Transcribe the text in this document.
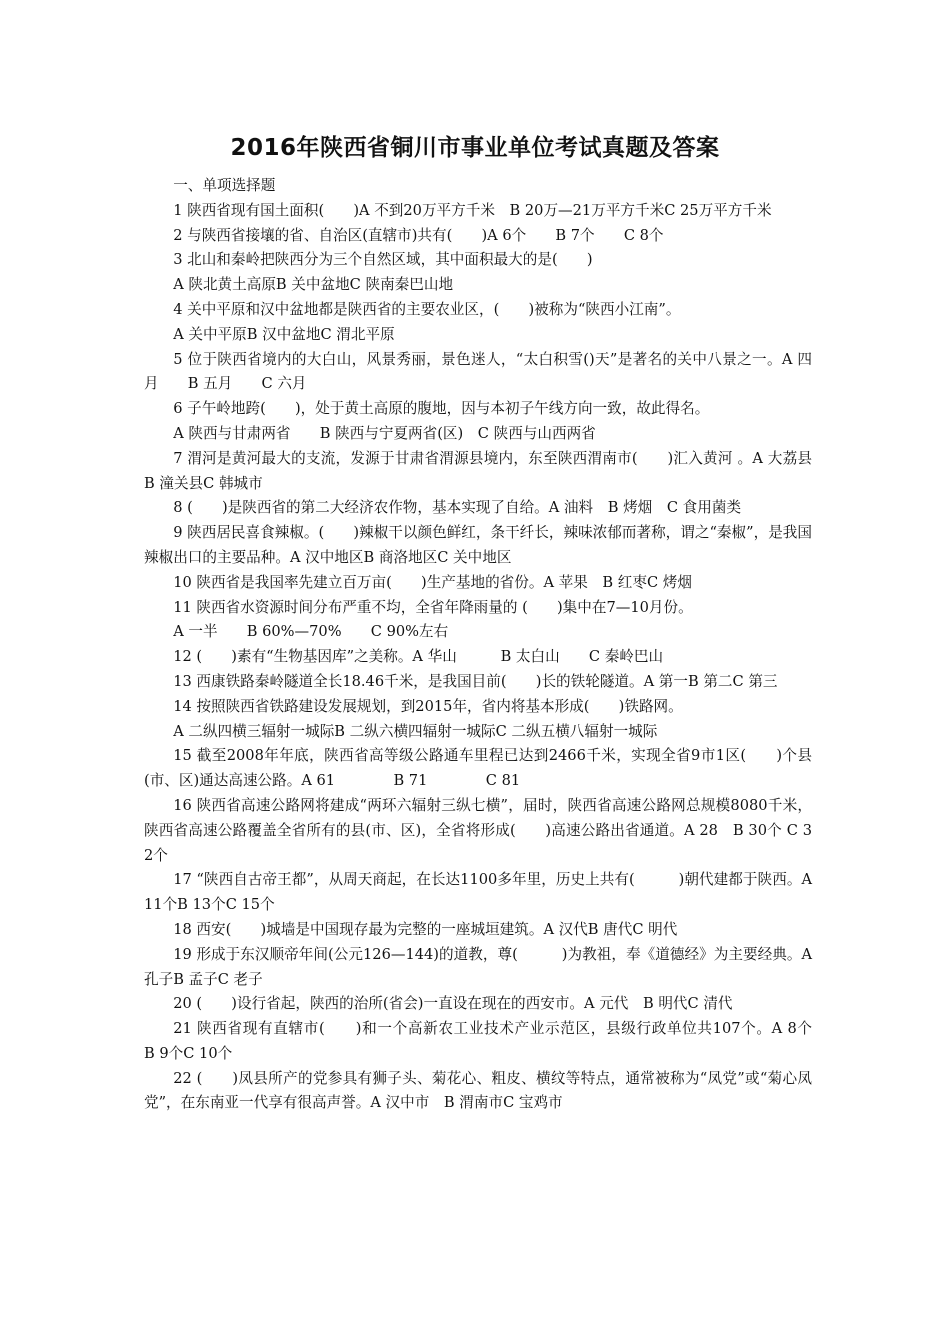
2016年陕西省铜川市事业单位考试真题及答案

一、单项选择题

1 陕西省现有国土面积(　　)A 不到20万平方千米　B 20万—21万平方千米C 25万平方千米

2 与陕西省接壤的省、自治区(直辖市)共有(　　)A 6个　　B 7个　　C 8个

3 北山和秦岭把陕西分为三个自然区域，其中面积最大的是(　　)

A 陕北黄土高原B 关中盆地C 陕南秦巴山地

4 关中平原和汉中盆地都是陕西省的主要农业区，(　　)被称为“陕西小江南”。

A 关中平原B 汉中盆地C 渭北平原

5 位于陕西省境内的大白山，风景秀丽，景色迷人，“太白积雪()天”是著名的关中八景之一。A 四月　　B 五月　　C 六月

6 子午岭地跨(　　)，处于黄土高原的腹地，因与本初子午线方向一致，故此得名。

A 陕西与甘肃两省　　B 陕西与宁夏两省(区)　C 陕西与山西两省

7 渭河是黄河最大的支流，发源于甘肃省渭源县境内，东至陕西渭南市(　　)汇入黄河 。A 大荔县B 潼关县C 韩城市

8 (　　)是陕西省的第二大经济农作物，基本实现了自给。A 油料　B 烤烟　C 食用菌类

9 陕西居民喜食辣椒。(　　)辣椒干以颜色鲜红，条干纤长，辣味浓郁而著称，谓之“秦椒”，是我国辣椒出口的主要品种。A 汉中地区B 商洛地区C 关中地区

10 陕西省是我国率先建立百万亩(　　)生产基地的省份。A 苹果　B 红枣C 烤烟

11 陕西省水资源时间分布严重不均，全省年降雨量的 (　　)集中在7—10月份。

A 一半　　B 60%—70%　　C 90%左右

12 (　　)素有“生物基因库”之美称。A 华山　　　B 太白山　　C 秦岭巴山

13 西康铁路秦岭隧道全长18.46千米，是我国目前(　　)长的铁轮隧道。A 第一B 第二C 第三

14 按照陕西省铁路建设发展规划，到2015年，省内将基本形成(　　)铁路网。

A 二纵四横三辐射一城际B 二纵六横四辐射一城际C 二纵五横八辐射一城际

15 截至2008年年底，陕西省高等级公路通车里程已达到2466千米，实现全省9市1区(　　)个县(市、区)通达高速公路。A 61　　　　B 71　　　　C 81

16 陕西省高速公路网将建成“两环六辐射三纵七横”，届时，陕西省高速公路网总规模8080千米，陕西省高速公路覆盖全省所有的县(市、区)，全省将形成(　　)高速公路出省通道。A 28　B 30个 C 32个

17 “陕西自古帝王都”，从周天商起，在长达1100多年里，历史上共有(　　　)朝代建都于陕西。A 11个B 13个C 15个

18 西安(　　)城墙是中国现存最为完整的一座城垣建筑。A 汉代B 唐代C 明代

19 形成于东汉顺帝年间(公元126—144)的道教，尊(　　　)为教祖，奉《道德经》为主要经典。A 孔子B 孟子C 老子

20 (　　)设行省起，陕西的治所(省会)一直设在现在的西安市。A 元代　B 明代C 清代

21 陕西省现有直辖市(　　)和一个高新农工业技术产业示范区，县级行政单位共107个。A 8个　　B 9个C 10个

22 (　　)凤县所产的党参具有狮子头、菊花心、粗皮、横纹等特点，通常被称为“凤党”或“菊心凤党”，在东南亚一代享有很高声誉。A 汉中市　B 渭南市C 宝鸡市
